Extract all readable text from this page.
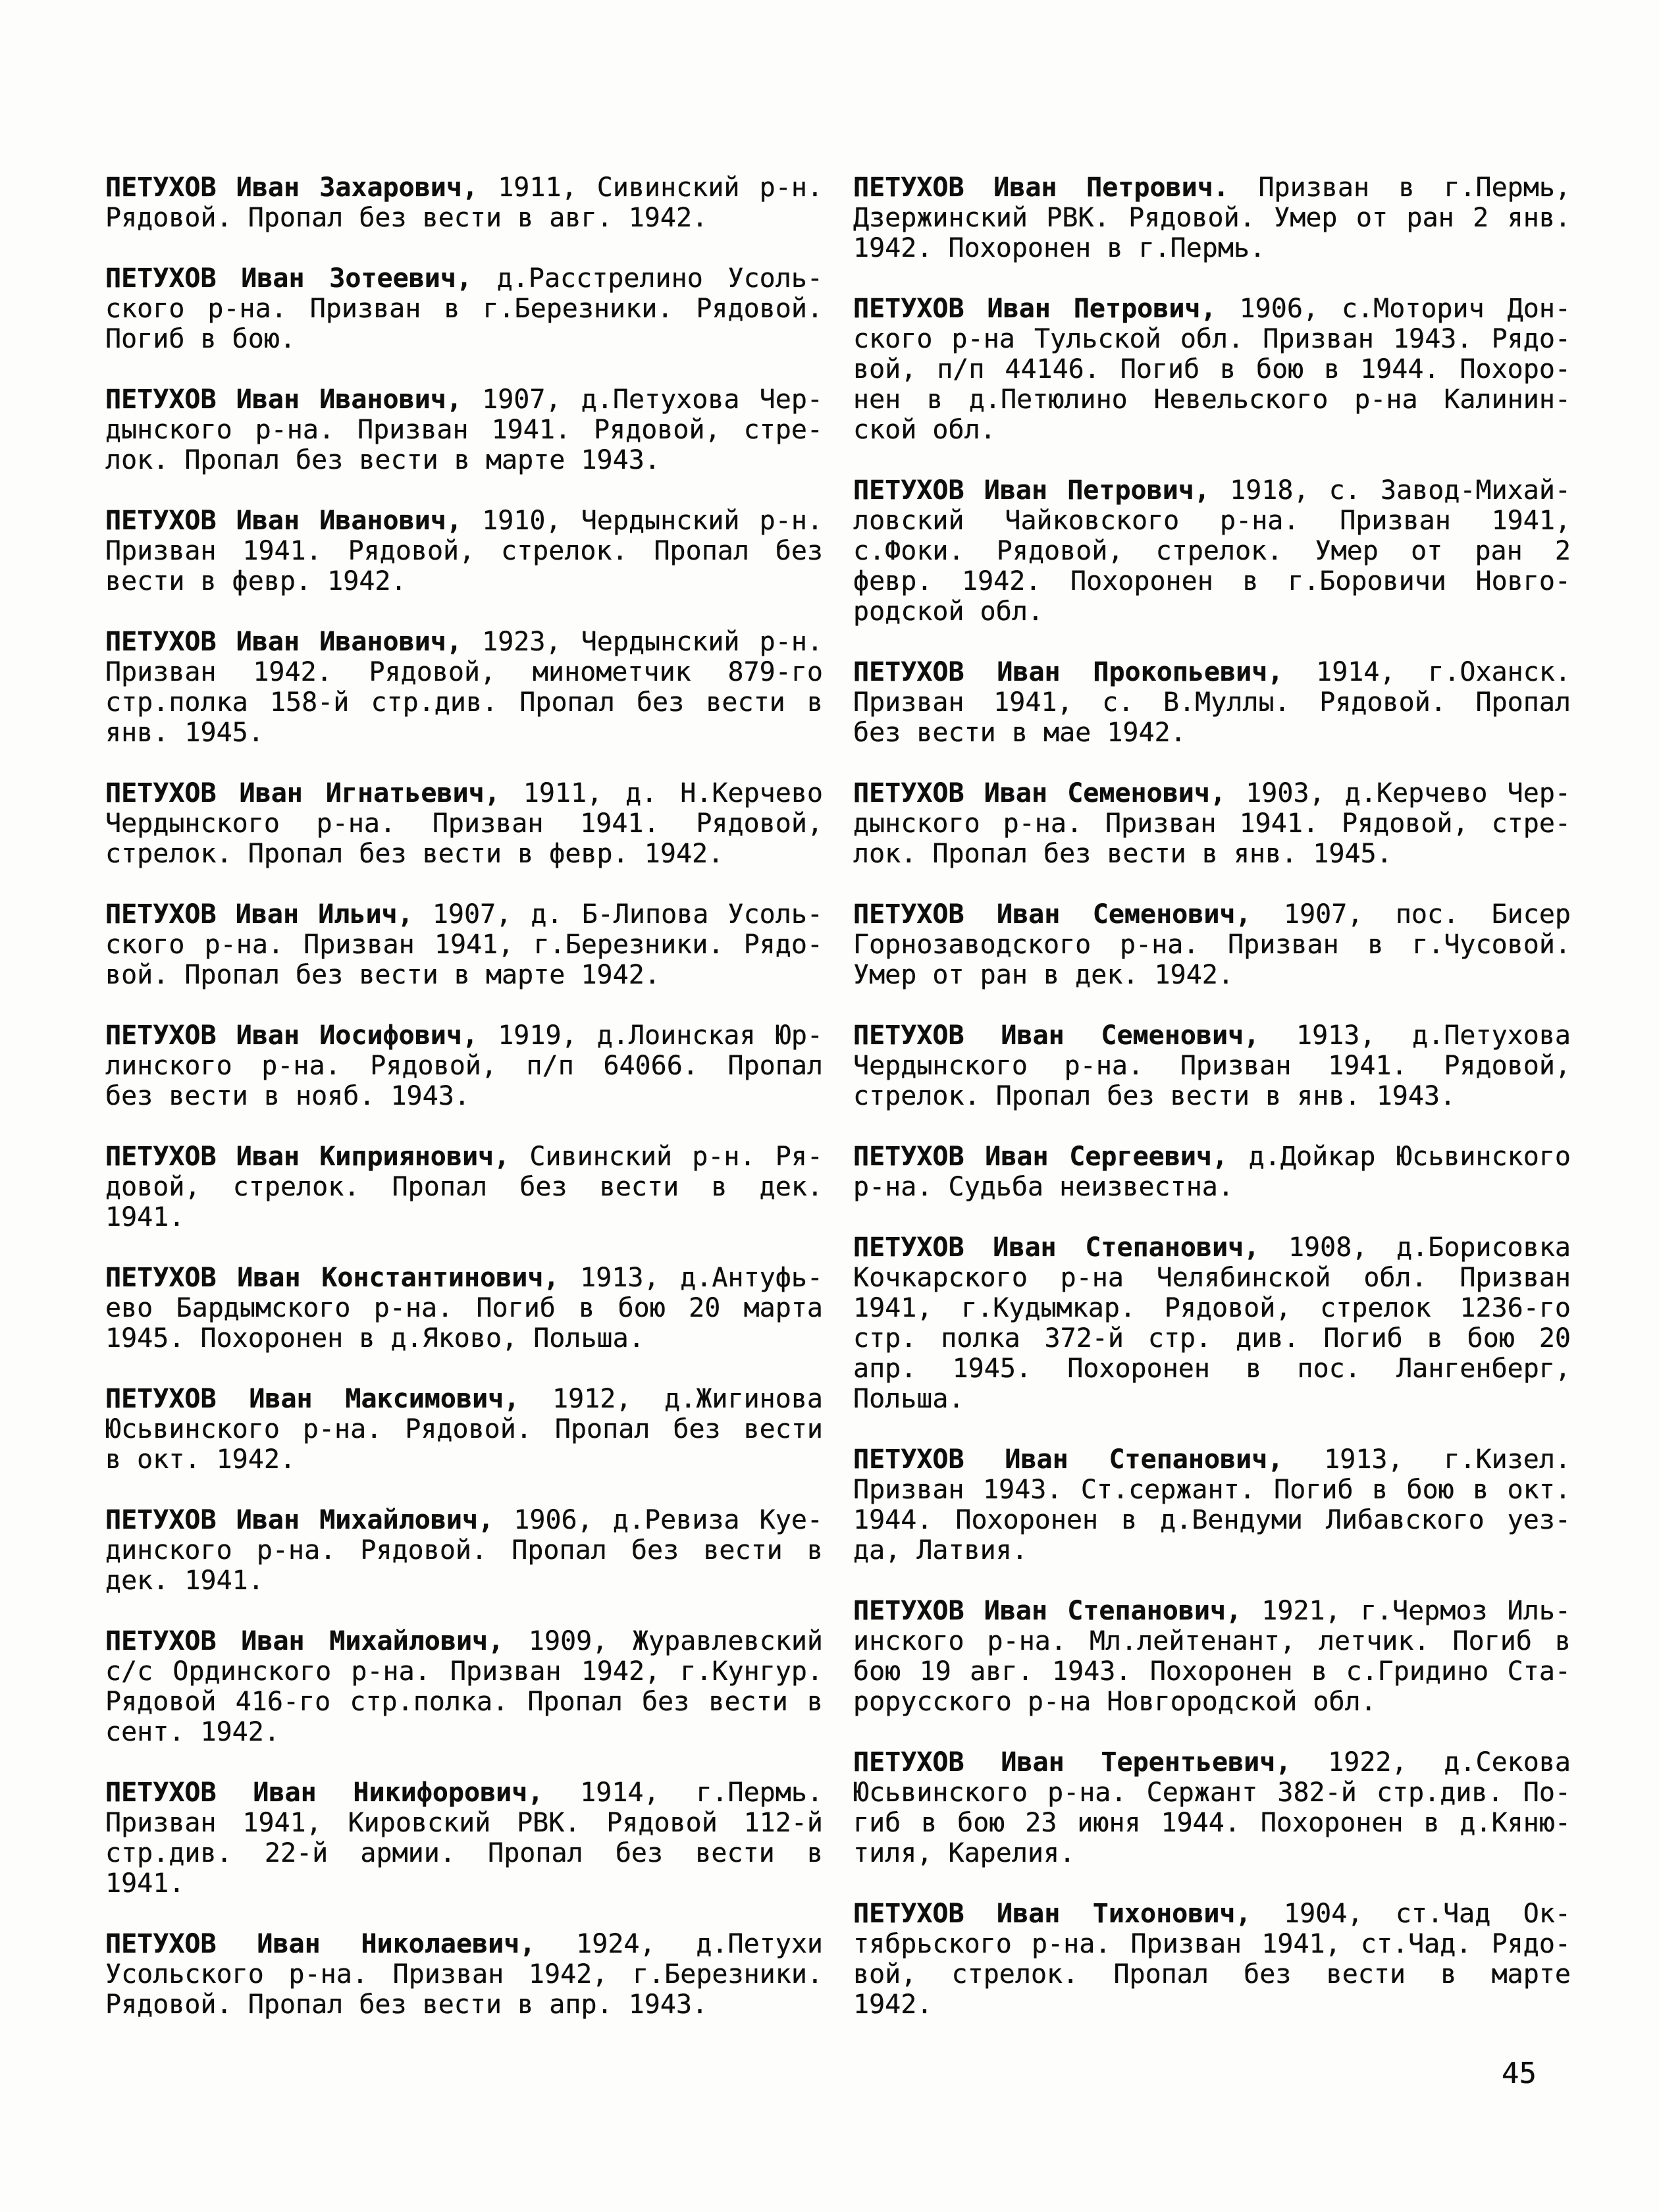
ПЕТУХОВ Иван Захарович, 1911, Сивинский р-н.
Рядовой. Пропал без вести в авг. 1942.
ПЕТУХОВ Иван Зотеевич, д.Расстрелино Усоль-
ского р-на. Призван в г.Березники. Рядовой.
Погиб в бою.
ПЕТУХОВ Иван Иванович, 1907, д.Петухова Чер-
дынского р-на. Призван 1941. Рядовой, стре-
лок. Пропал без вести в марте 1943.
ПЕТУХОВ Иван Иванович, 1910, Чердынский р-н.
Призван 1941. Рядовой, стрелок. Пропал без
вести в февр. 1942.
ПЕТУХОВ Иван Иванович, 1923, Чердынский р-н.
Призван 1942. Рядовой, минометчик 879-го
стр.полка 158-й стр.див. Пропал без вести в
янв. 1945.
ПЕТУХОВ Иван Игнатьевич, 1911, д. Н.Керчево
Чердынского р-на. Призван 1941. Рядовой,
стрелок. Пропал без вести в февр. 1942.
ПЕТУХОВ Иван Ильич, 1907, д. Б-Липова Усоль-
ского р-на. Призван 1941, г.Березники. Рядо-
вой. Пропал без вести в марте 1942.
ПЕТУХОВ Иван Иосифович, 1919, д.Лоинская Юр-
линского р-на. Рядовой, п/п 64066. Пропал
без вести в нояб. 1943.
ПЕТУХОВ Иван Киприянович, Сивинский р-н. Ря-
довой, стрелок. Пропал без вести в дек.
1941.
ПЕТУХОВ Иван Константинович, 1913, д.Антуфь-
ево Бардымского р-на. Погиб в бою 20 марта
1945. Похоронен в д.Яково, Польша.
ПЕТУХОВ Иван Максимович, 1912, д.Жигинова
Юсьвинского р-на. Рядовой. Пропал без вести
в окт. 1942.
ПЕТУХОВ Иван Михайлович, 1906, д.Ревиза Куе-
динского р-на. Рядовой. Пропал без вести в
дек. 1941.
ПЕТУХОВ Иван Михайлович, 1909, Журавлевский
с/с Ординского р-на. Призван 1942, г.Кунгур.
Рядовой 416-го стр.полка. Пропал без вести в
сент. 1942.
ПЕТУХОВ Иван Никифорович, 1914, г.Пермь.
Призван 1941, Кировский РВК. Рядовой 112-й
стр.див. 22-й армии. Пропал без вести в
1941.
ПЕТУХОВ Иван Николаевич, 1924, д.Петухи
Усольского р-на. Призван 1942, г.Березники.
Рядовой. Пропал без вести в апр. 1943.
ПЕТУХОВ Иван Петрович. Призван в г.Пермь,
Дзержинский РВК. Рядовой. Умер от ран 2 янв.
1942. Похоронен в г.Пермь.
ПЕТУХОВ Иван Петрович, 1906, с.Моторич Дон-
ского р-на Тульской обл. Призван 1943. Рядо-
вой, п/п 44146. Погиб в бою в 1944. Похоро-
нен в д.Петюлино Невельского р-на Калинин-
ской обл.
ПЕТУХОВ Иван Петрович, 1918, с. Завод-Михай-
ловский Чайковского р-на. Призван 1941,
с.Фоки. Рядовой, стрелок. Умер от ран 2
февр. 1942. Похоронен в г.Боровичи Новго-
родской обл.
ПЕТУХОВ Иван Прокопьевич, 1914, г.Оханск.
Призван 1941, с. В.Муллы. Рядовой. Пропал
без вести в мае 1942.
ПЕТУХОВ Иван Семенович, 1903, д.Керчево Чер-
дынского р-на. Призван 1941. Рядовой, стре-
лок. Пропал без вести в янв. 1945.
ПЕТУХОВ Иван Семенович, 1907, пос. Бисер
Горнозаводского р-на. Призван в г.Чусовой.
Умер от ран в дек. 1942.
ПЕТУХОВ Иван Семенович, 1913, д.Петухова
Чердынского р-на. Призван 1941. Рядовой,
стрелок. Пропал без вести в янв. 1943.
ПЕТУХОВ Иван Сергеевич, д.Дойкар Юсьвинского
р-на. Судьба неизвестна.
ПЕТУХОВ Иван Степанович, 1908, д.Борисовка
Кочкарского р-на Челябинской обл. Призван
1941, г.Кудымкар. Рядовой, стрелок 1236-го
стр. полка 372-й стр. див. Погиб в бою 20
апр. 1945. Похоронен в пос. Лангенберг,
Польша.
ПЕТУХОВ Иван Степанович, 1913, г.Кизел.
Призван 1943. Ст.сержант. Погиб в бою в окт.
1944. Похоронен в д.Вендуми Либавского уез-
да, Латвия.
ПЕТУХОВ Иван Степанович, 1921, г.Чермоз Иль-
инского р-на. Мл.лейтенант, летчик. Погиб в
бою 19 авг. 1943. Похоронен в с.Гридино Ста-
рорусского р-на Новгородской обл.
ПЕТУХОВ Иван Терентьевич, 1922, д.Секова
Юсьвинского р-на. Сержант 382-й стр.див. По-
гиб в бою 23 июня 1944. Похоронен в д.Кяню-
тиля, Карелия.
ПЕТУХОВ Иван Тихонович, 1904, ст.Чад Ок-
тябрьского р-на. Призван 1941, ст.Чад. Рядо-
вой, стрелок. Пропал без вести в марте
1942.
45
